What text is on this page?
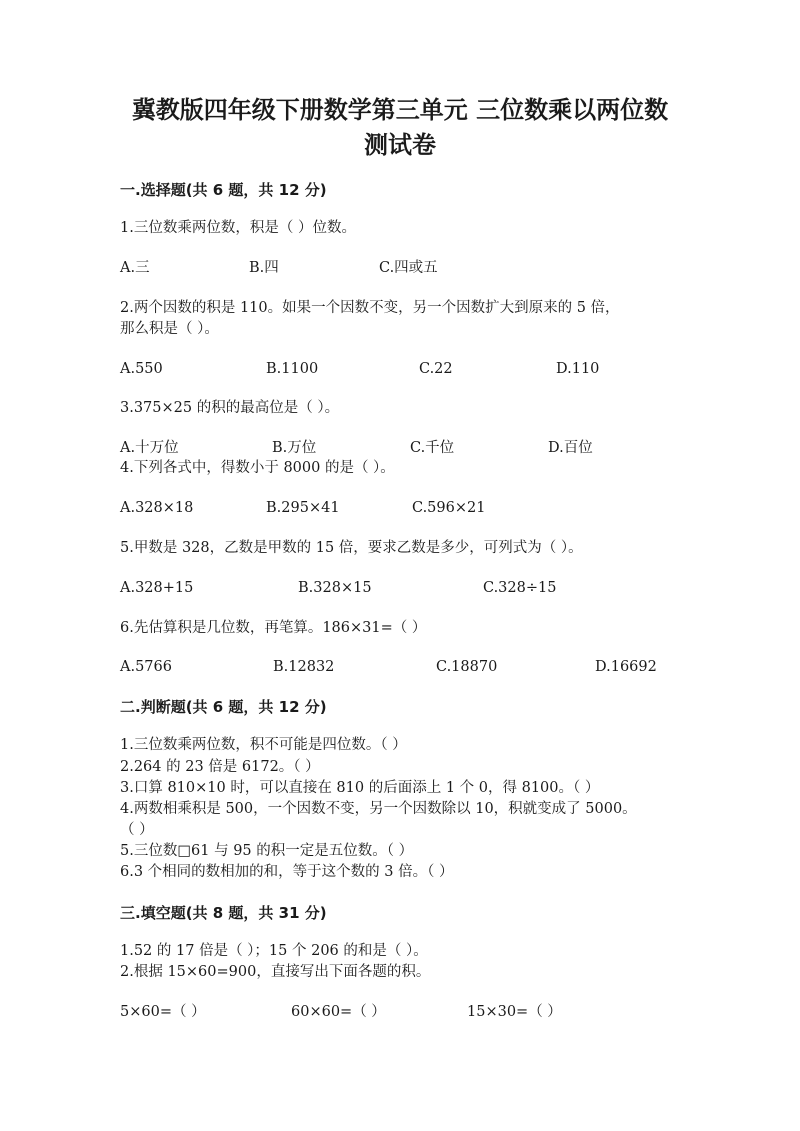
冀教版四年级下册数学第三单元 三位数乘以两位数
测试卷
一.选择题(共 6 题，共 12 分)
1.三位数乘两位数，积是（ ）位数。
A.三	B.四	C.四或五
2.两个因数的积是 110。如果一个因数不变，另一个因数扩大到原来的 5 倍，
那么积是（ ）。
A.550	B.1100	C.22	D.110
3.375×25 的积的最高位是（ ）。
A.十万位	B.万位	C.千位	D.百位
4.下列各式中，得数小于 8000 的是（ ）。
A.328×18	B.295×41	C.596×21
5.甲数是 328，乙数是甲数的 15 倍，要求乙数是多少，可列式为（ ）。
A.328+15	B.328×15	C.328÷15
6.先估算积是几位数，再笔算。186×31=（ ）
A.5766	B.12832	C.18870	D.16692
二.判断题(共 6 题，共 12 分)
1.三位数乘两位数，积不可能是四位数。（ ）
2.264 的 23 倍是 6172。（ ）
3.口算 810×10 时，可以直接在 810 的后面添上 1 个 0，得 8100。（ ）
4.两数相乘积是 500，一个因数不变，另一个因数除以 10，积就变成了 5000。
（ ）
5.三位数□61 与 95 的积一定是五位数。（ ）
6.3 个相同的数相加的和，等于这个数的 3 倍。（ ）
三.填空题(共 8 题，共 31 分)
1.52 的 17 倍是（ ）；15 个 206 的和是（ ）。
2.根据 15×60=900，直接写出下面各题的积。
5×60=（ ）	60×60=（ ）	15×30=（ ）
